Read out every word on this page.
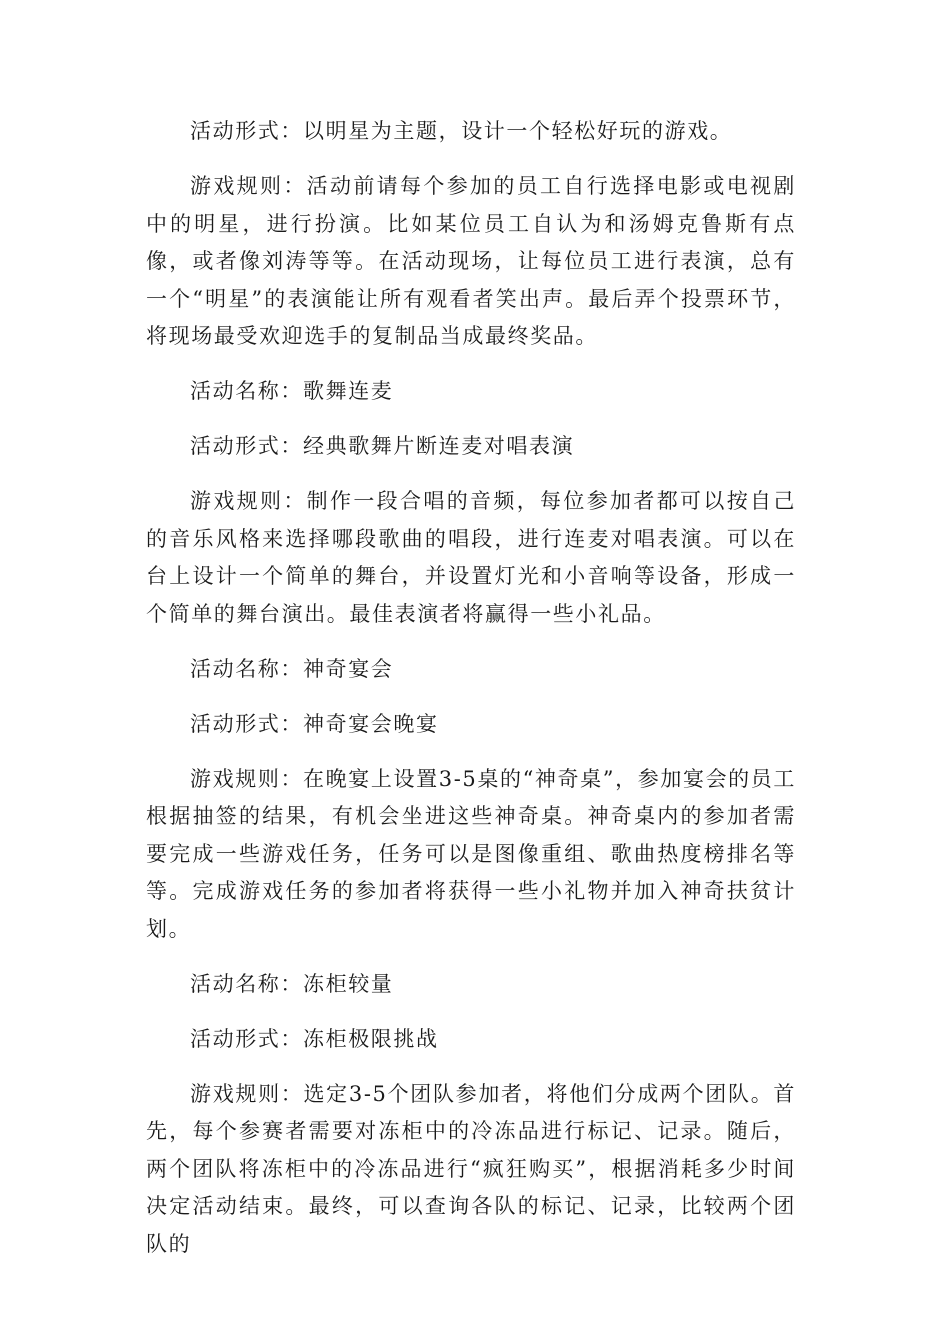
活动形式：以明星为主题，设计一个轻松好玩的游戏。

游戏规则：活动前请每个参加的员工自行选择电影或电视剧中的明星，进行扮演。比如某位员工自认为和汤姆克鲁斯有点像，或者像刘涛等等。在活动现场，让每位员工进行表演，总有一个“明星”的表演能让所有观看者笑出声。最后弄个投票环节，将现场最受欢迎选手的复制品当成最终奖品。

活动名称：歌舞连麦

活动形式：经典歌舞片断连麦对唱表演

游戏规则：制作一段合唱的音频，每位参加者都可以按自己的音乐风格来选择哪段歌曲的唱段，进行连麦对唱表演。可以在台上设计一个简单的舞台，并设置灯光和小音响等设备，形成一个简单的舞台演出。最佳表演者将赢得一些小礼品。

活动名称：神奇宴会

活动形式：神奇宴会晚宴

游戏规则：在晚宴上设置3-5桌的“神奇桌”，参加宴会的员工根据抽签的结果，有机会坐进这些神奇桌。神奇桌内的参加者需要完成一些游戏任务，任务可以是图像重组、歌曲热度榜排名等等。完成游戏任务的参加者将获得一些小礼物并加入神奇扶贫计划。

活动名称：冻柜较量

活动形式：冻柜极限挑战

游戏规则：选定3-5个团队参加者，将他们分成两个团队。首先，每个参赛者需要对冻柜中的冷冻品进行标记、记录。随后，两个团队将冻柜中的冷冻品进行“疯狂购买”，根据消耗多少时间决定活动结束。最终，可以查询各队的标记、记录，比较两个团队的
